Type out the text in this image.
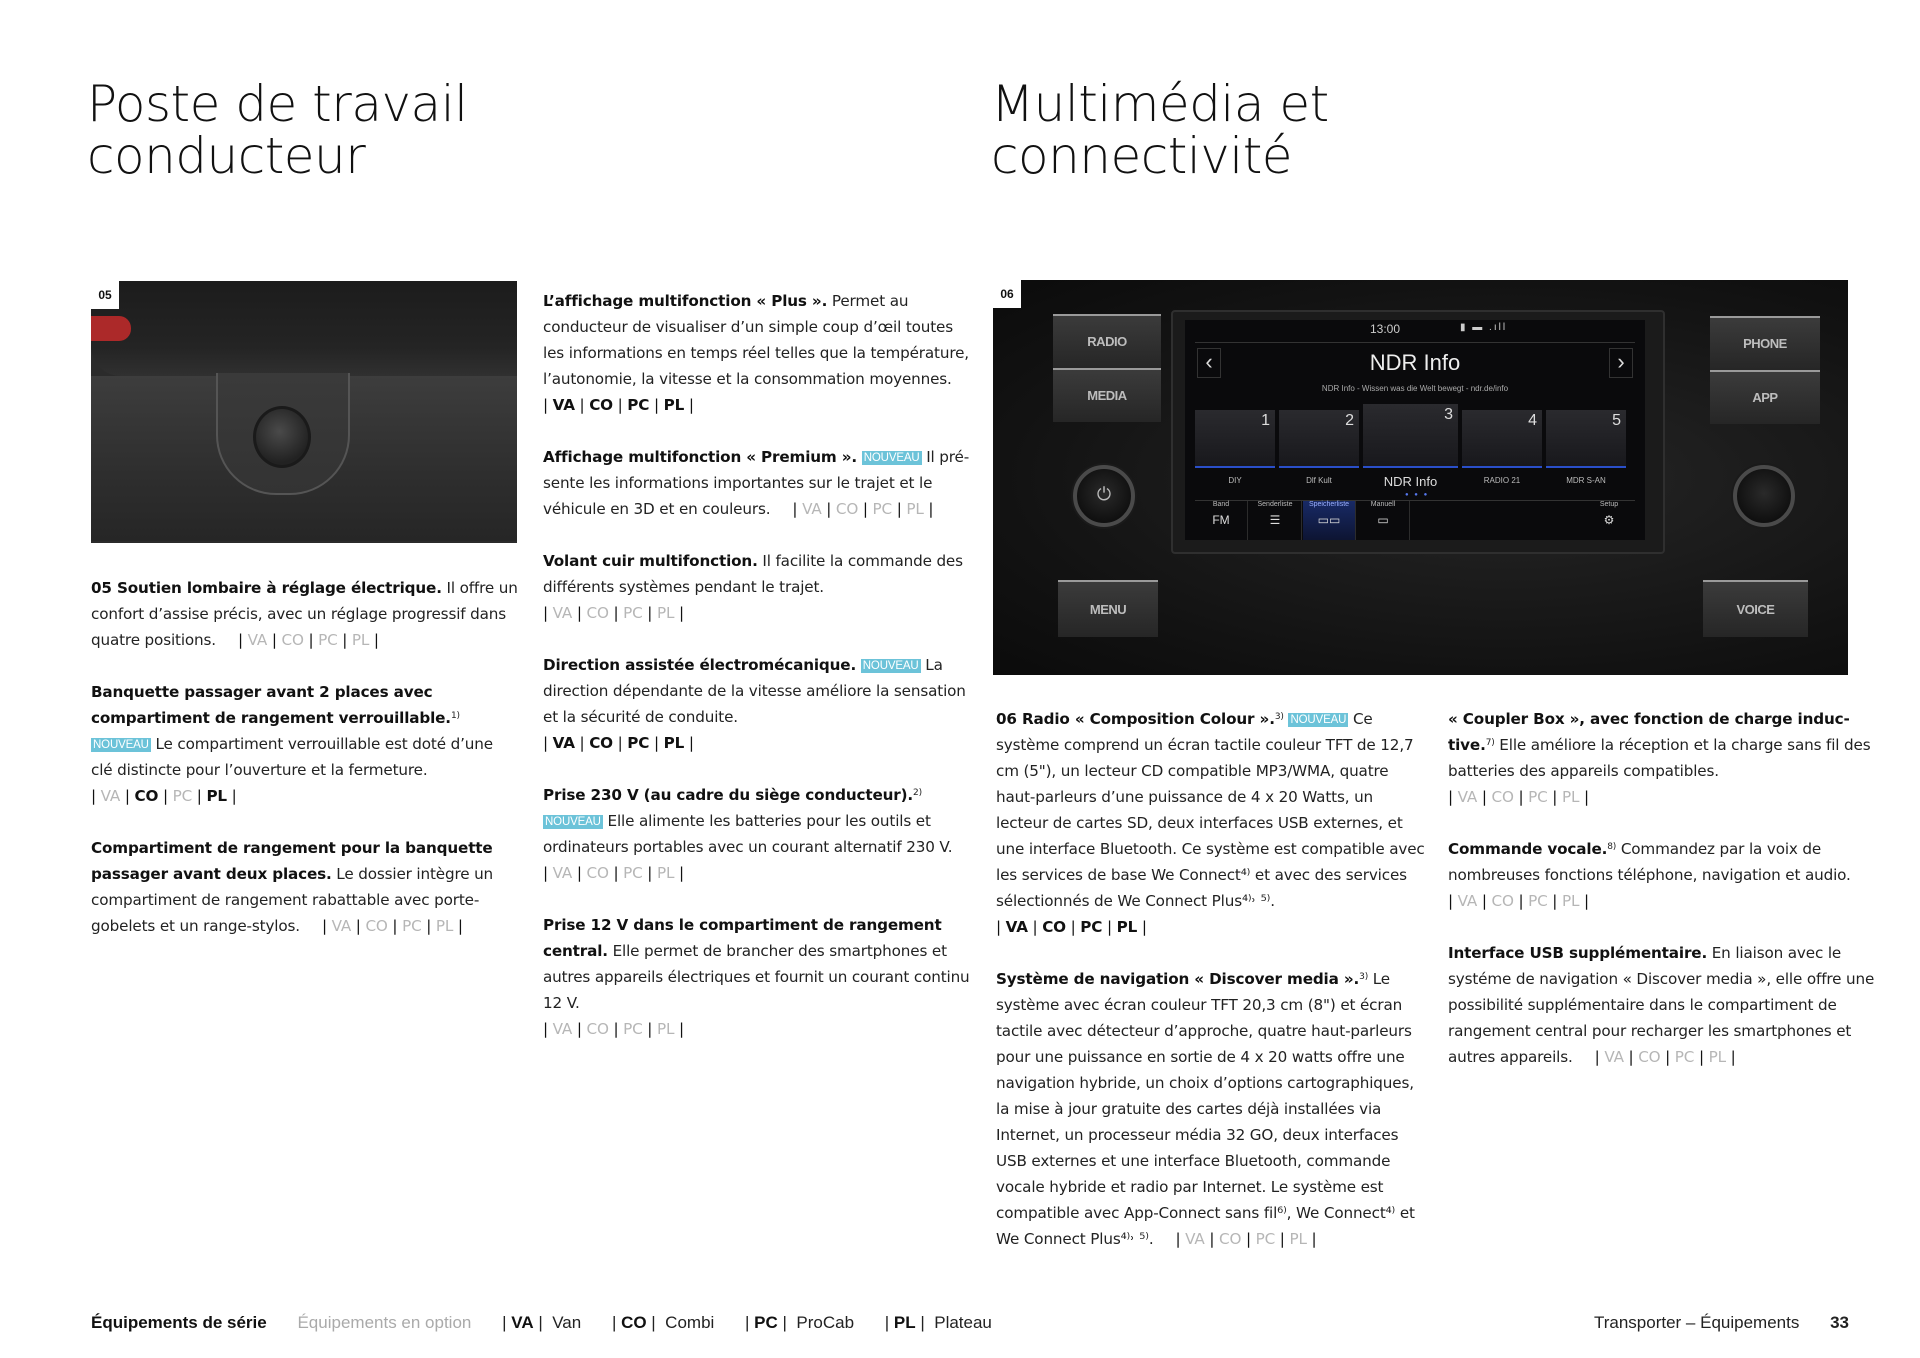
Poste de travail
conducteur
Multimédia et
connectivité
05	06
RADIO
MEDIA
MENU
PHONE
APP
VOICE
⏻
13:00	▮ ▬ .ıll
‹	›
NDR Info
NDR Info - Wissen was die Welt bewegt - ndr.de/info
1
DIY
2
Dlf Kult
3
NDR Info
4
RADIO 21
5
MDR S-AN
● ● ●
Band
FM
Senderliste
☰
Speicherliste
▭▭
Manuell
▭
Setup
⚙

05 Soutien lombaire à réglage électrique. Il offre un confort d’assise précis, avec un réglage progressif dans quatre positions. | VA | CO | PC | PL |

Banquette passager avant 2 places avec compartiment de rangement verrouillable.$^{1)}$ NOUVEAU Le compartiment verrouillable est doté d’une clé distincte pour l’ouverture et la fermeture.| VA | CO | PC | PL |

Compartiment de rangement pour la banquette passager avant deux places. Le dossier intègre un compartiment de rangement rabattable avec porte-gobelets et un range-stylos. | VA | CO | PC | PL |

L’affichage multifonction « Plus ». Permet au conducteur de visualiser d’un simple coup d’œil toutes les informations en temps réel telles que la température, l’autonomie, la vitesse et la consommation moyennes.
| VA | CO | PC | PL |

Affichage multifonction « Premium ». NOUVEAU Il présente les informations importantes sur le trajet et le véhicule en 3D et en couleurs. | VA | CO | PC | PL |

Volant cuir multifonction. Il facilite la commande des différents systèmes pendant le trajet.
| VA | CO | PC | PL |

Direction assistée électromécanique. NOUVEAU La direction dépendante de la vitesse améliore la sensation et la sécurité de conduite.
| VA | CO | PC | PL |

Prise 230 V (au cadre du siège conducteur).$^{2)}$ NOUVEAU Elle alimente les batteries pour les outils et ordinateurs portables avec un courant alternatif 230 V.
| VA | CO | PC | PL |

Prise 12 V dans le compartiment de rangement central. Elle permet de brancher des smartphones et autres appareils électriques et fournit un courant continu 12 V.
| VA | CO | PC | PL |

06 Radio « Composition Colour ».$^{3)}$ NOUVEAU Ce système comprend un écran tactile couleur TFT de 12,7 cm (5"), un lecteur CD compatible MP3/WMA, quatre haut-parleurs d’une puissance de 4 x 20 Watts, un lecteur de cartes SD, deux interfaces USB externes, et une interface Bluetooth. Ce système est compatible avec les services de base We Connect⁴⁾ et avec des services sélectionnés de We Connect Plus⁴⁾˒ ⁵⁾.
| VA | CO | PC | PL |

Système de navigation « Discover media ».$^{3)}$ Le système avec écran couleur TFT 20,3 cm (8") et écran tactile avec détecteur d’approche, quatre haut-parleurs pour une puissance en sortie de 4 x 20 watts offre une navigation hybride, un choix d’options cartographiques, la mise à jour gratuite des cartes déjà installées via Internet, un processeur média 32 GO, deux interfaces USB externes et une interface Bluetooth, commande vocale hybride et radio par Internet. Le système est compatible avec App-Connect sans fil⁶⁾, We Connect⁴⁾ et We Connect Plus⁴⁾˒ ⁵⁾. | VA | CO | PC | PL |

« Coupler Box », avec fonction de charge inductive.$^{7)}$ Elle améliore la réception et la charge sans fil des batteries des appareils compatibles.| VA | CO | PC | PL |

Commande vocale.$^{8)}$ Commandez par la voix de nombreuses fonctions téléphone, navigation et audio.
| VA | CO | PC | PL |

Interface USB supplémentaire. En liaison avec le systéme de navigation « Discover media », elle offre une possibilité supplémentaire dans le compartiment de rangement central pour recharger les smartphones et autres appareils. | VA | CO | PC | PL |

Équipements de série Équipements en option | VA |  Van | CO |  Combi | PC |  ProCab | PL |  Plateau	Transporter – Équipements 33
